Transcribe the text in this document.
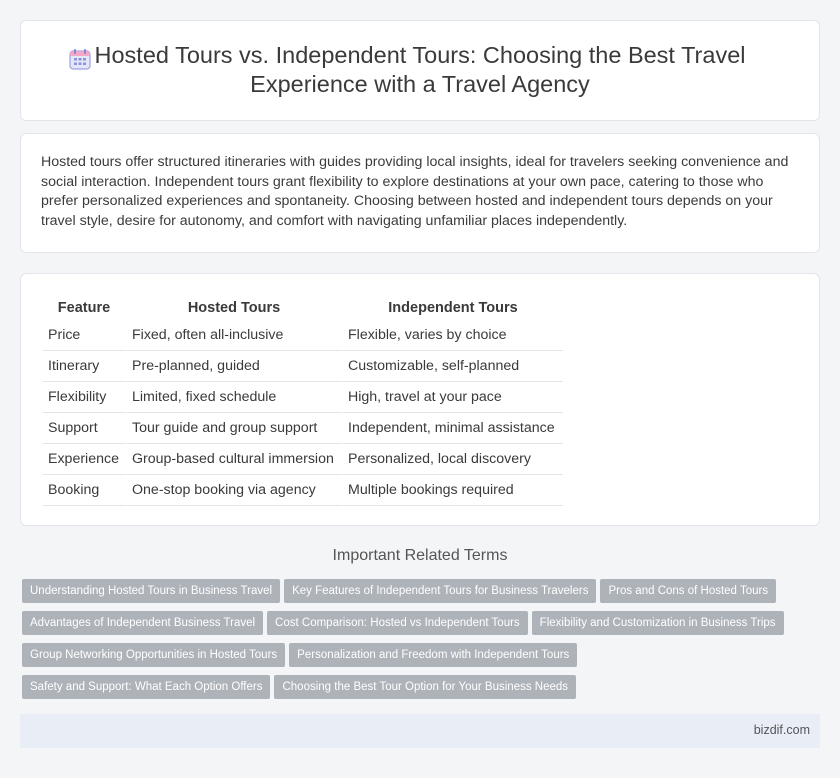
Hosted Tours vs. Independent Tours: Choosing the Best Travel Experience with a Travel Agency

Hosted tours offer structured itineraries with guides providing local insights, ideal for travelers seeking convenience and social interaction. Independent tours grant flexibility to explore destinations at your own pace, catering to those who prefer personalized experiences and spontaneity. Choosing between hosted and independent tours depends on your travel style, desire for autonomy, and comfort with navigating unfamiliar places independently.

Feature	Hosted Tours	Independent Tours
Price	Fixed, often all-inclusive	Flexible, varies by choice
Itinerary	Pre-planned, guided	Customizable, self-planned
Flexibility	Limited, fixed schedule	High, travel at your pace
Support	Tour guide and group support	Independent, minimal assistance
Experience	Group-based cultural immersion	Personalized, local discovery
Booking	One-stop booking via agency	Multiple bookings required
Important Related Terms
Understanding Hosted Tours in Business Travel Key Features of Independent Tours for Business Travelers Pros and Cons of Hosted Tours
Advantages of Independent Business Travel Cost Comparison: Hosted vs Independent Tours Flexibility and Customization in Business Trips
Group Networking Opportunities in Hosted Tours Personalization and Freedom with Independent Tours
Safety and Support: What Each Option Offers Choosing the Best Tour Option for Your Business Needs
bizdif.com
